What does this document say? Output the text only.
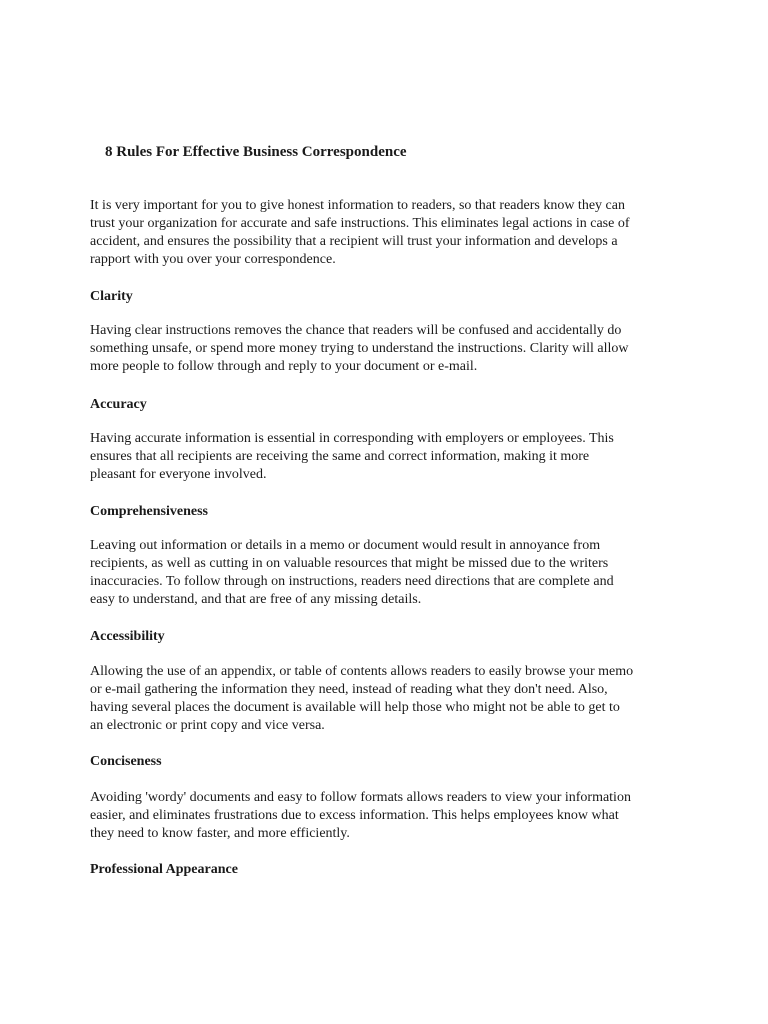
8 Rules For Effective Business Correspondence

It is very important for you to give honest information to readers, so that readers know they can
trust your organization for accurate and safe instructions. This eliminates legal actions in case of
accident, and ensures the possibility that a recipient will trust your information and develops a
rapport with you over your correspondence.

Clarity

Having clear instructions removes the chance that readers will be confused and accidentally do
something unsafe, or spend more money trying to understand the instructions. Clarity will allow
more people to follow through and reply to your document or e-mail.

Accuracy

Having accurate information is essential in corresponding with employers or employees. This
ensures that all recipients are receiving the same and correct information, making it more
pleasant for everyone involved.

Comprehensiveness

Leaving out information or details in a memo or document would result in annoyance from
recipients, as well as cutting in on valuable resources that might be missed due to the writers
inaccuracies. To follow through on instructions, readers need directions that are complete and
easy to understand, and that are free of any missing details.

Accessibility

Allowing the use of an appendix, or table of contents allows readers to easily browse your memo
or e-mail gathering the information they need, instead of reading what they don't need. Also,
having several places the document is available will help those who might not be able to get to
an electronic or print copy and vice versa.

Conciseness

Avoiding 'wordy' documents and easy to follow formats allows readers to view your information
easier, and eliminates frustrations due to excess information. This helps employees know what
they need to know faster, and more efficiently.

Professional Appearance
